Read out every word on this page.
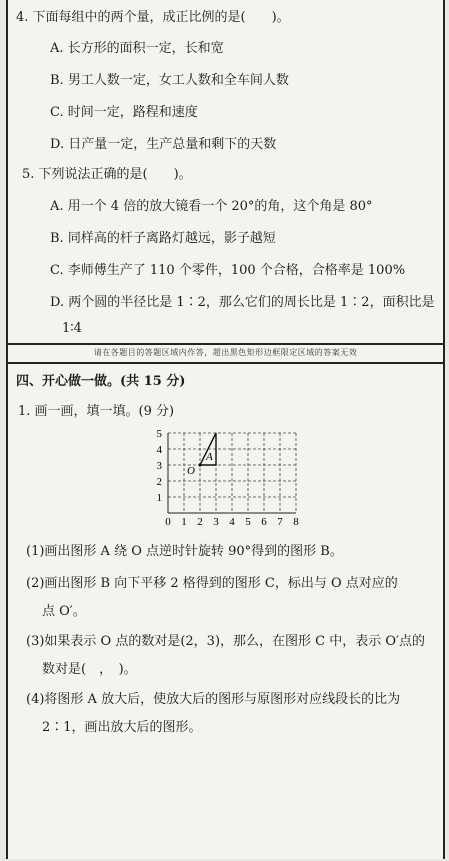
4. 下面每组中的两个量，成正比例的是(　　)。
A. 长方形的面积一定，长和宽
B. 男工人数一定，女工人数和全车间人数
C. 时间一定，路程和速度
D. 日产量一定，生产总量和剩下的天数
5. 下列说法正确的是(　　)。
A. 用一个 4 倍的放大镜看一个 20°的角，这个角是 80°
B. 同样高的杆子离路灯越远，影子越短
C. 李师傅生产了 110 个零件，100 个合格，合格率是 100%
D. 两个圆的半径比是 1∶2，那么它们的周长比是 1∶2，面积比是
1∶4
请在各题目的答题区域内作答，超出黑色矩形边框限定区域的答案无效
四、开心做一做。(共 15 分)
1. 画一画，填一填。(9 分)
(1)画出图形 A 绕 O 点逆时针旋转 90°得到的图形 B。
(2)画出图形 B 向下平移 2 格得到的图形 C，标出与 O 点对应的
点 O′。
(3)如果表示 O 点的数对是(2，3)，那么，在图形 C 中，表示 O′点的
数对是(　，　)。
(4)将图形 A 放大后，使放大后的图形与原图形对应线段长的比为
2∶1，画出放大后的图形。
O
A
0 1 2 3 4 5 6 7 8
1
2
3
4
5
